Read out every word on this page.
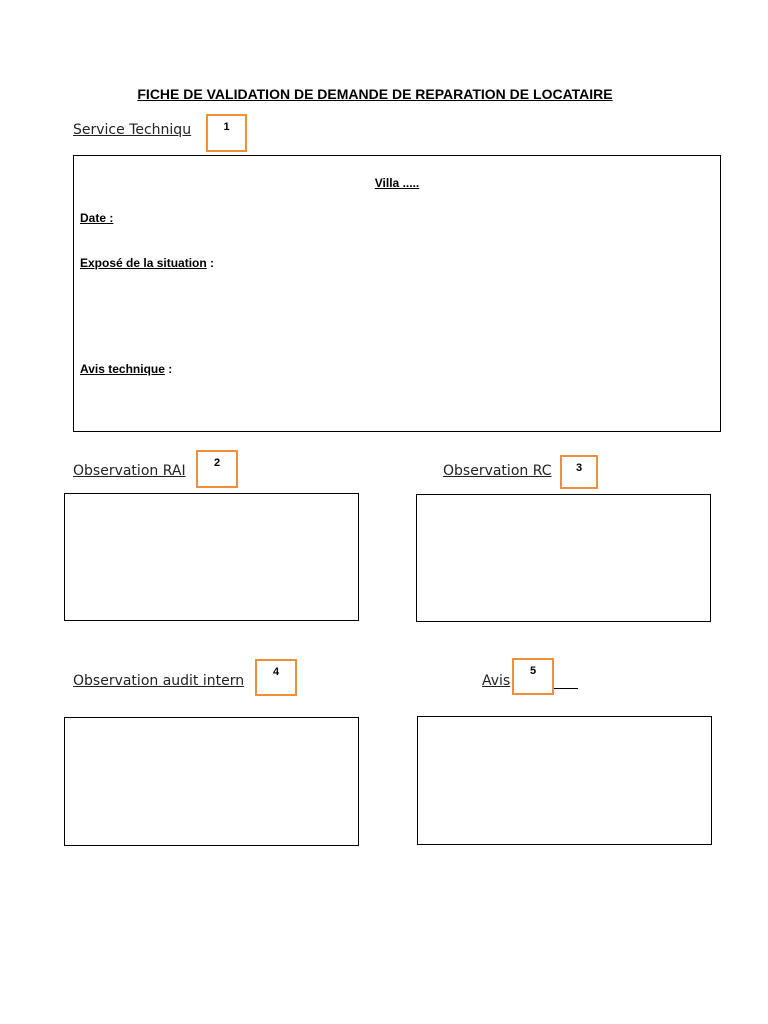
FICHE DE VALIDATION DE DEMANDE DE REPARATION DE LOCATAIRE
Service Techniqu	1
Villa .....
Date :
Exposé de la situation :
Avis technique :
Observation RAI	2	Observation RC	3
Observation audit intern
4
Avis
5
